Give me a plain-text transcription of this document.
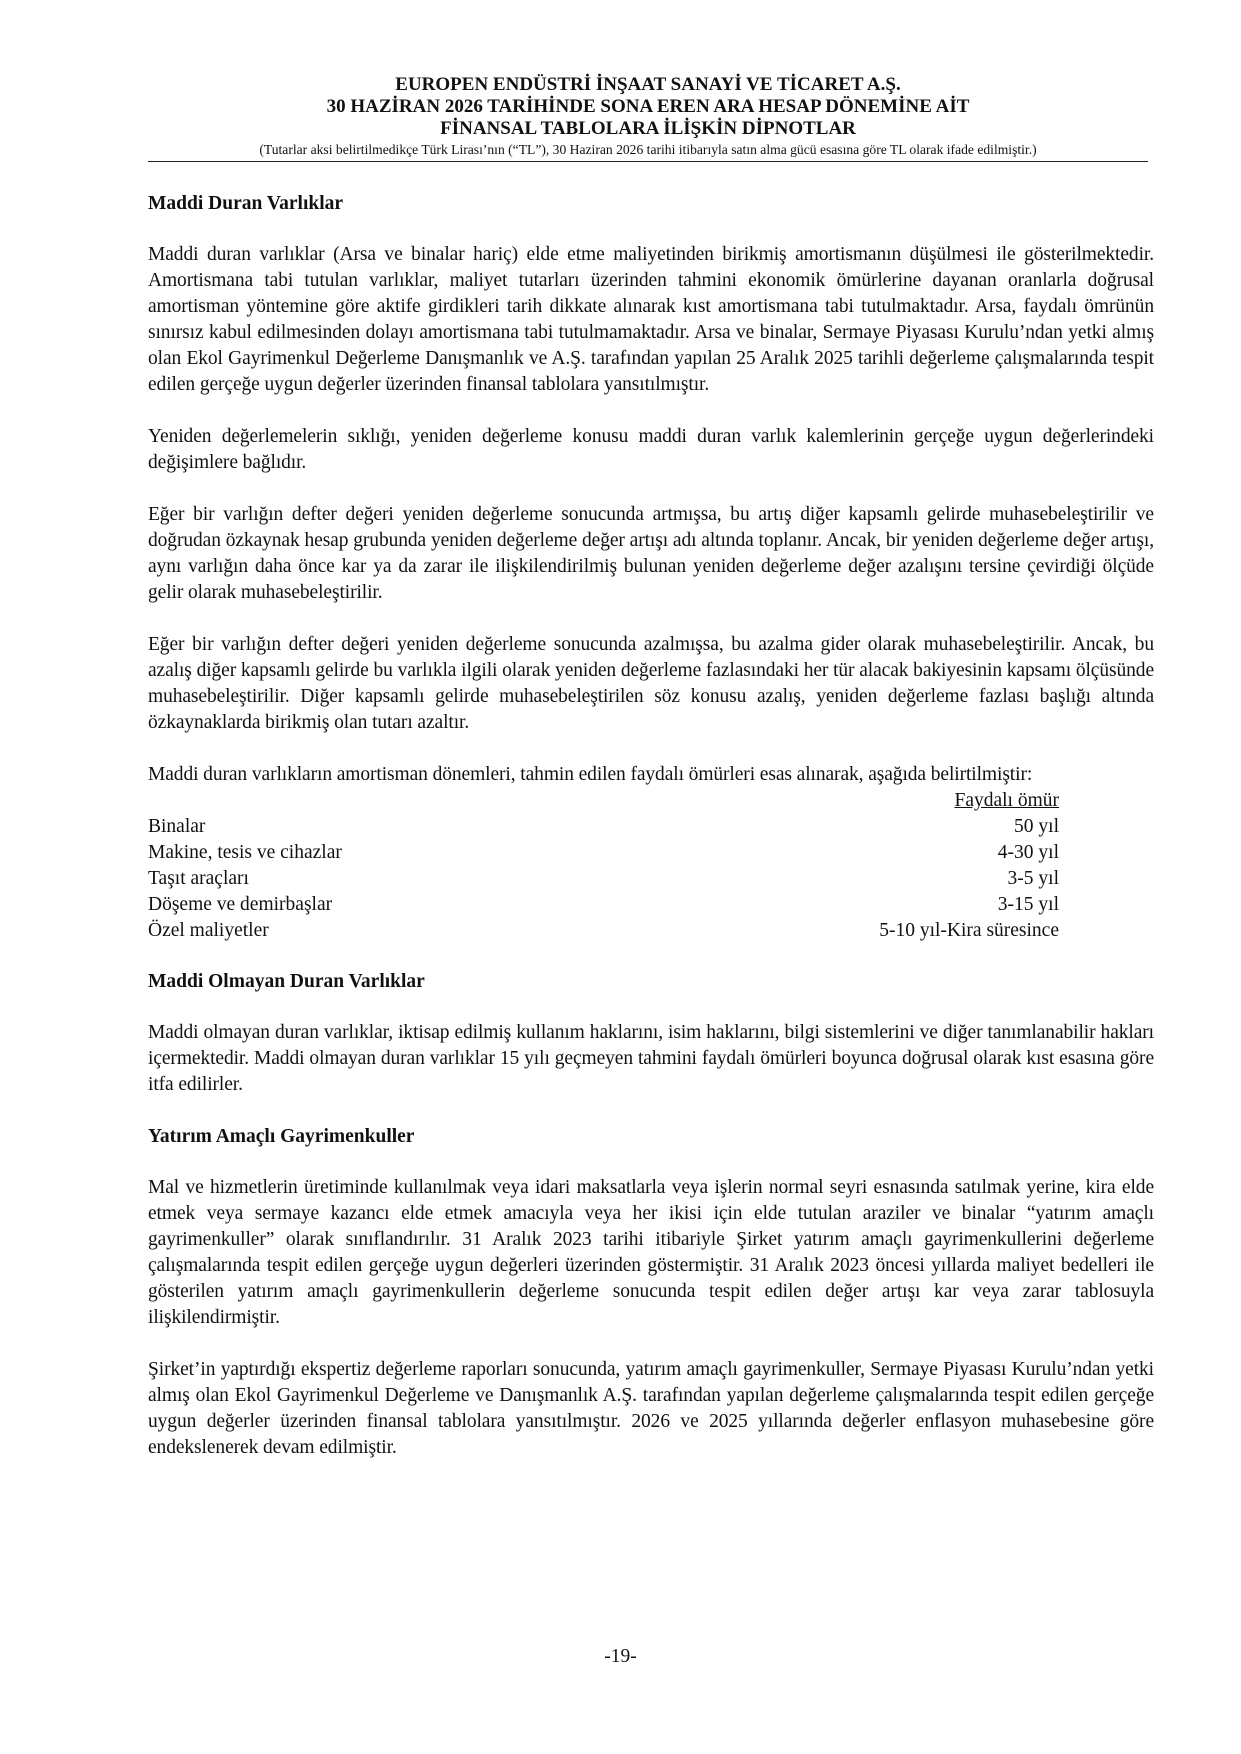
EUROPEN ENDÜSTRİ İNŞAAT SANAYİ VE TİCARET A.Ş.
30 HAZİRAN 2026 TARİHİNDE SONA EREN ARA HESAP DÖNEMİNE AİT
FİNANSAL TABLOLARA İLİŞKİN DİPNOTLAR
(Tutarlar aksi belirtilmedikçe Türk Lirası’nın (“TL”), 30 Haziran 2026 tarihi itibarıyla satın alma gücü esasına göre TL olarak ifade edilmiştir.)

Maddi Duran Varlıklar

Maddi duran varlıklar (Arsa ve binalar hariç) elde etme maliyetinden birikmiş amortismanın düşülmesi ile gösterilmektedir. Amortismana tabi tutulan varlıklar, maliyet tutarları üzerinden tahmini ekonomik ömürlerine dayanan oranlarla doğrusal amortisman yöntemine göre aktife girdikleri tarih dikkate alınarak kıst amortismana tabi tutulmaktadır. Arsa, faydalı ömrünün sınırsız kabul edilmesinden dolayı amortismana tabi tutulmamaktadır. Arsa ve binalar, Sermaye Piyasası Kurulu’ndan yetki almış olan Ekol Gayrimenkul Değerleme Danışmanlık ve A.Ş. tarafından yapılan 25 Aralık 2025 tarihli değerleme çalışmalarında tespit edilen gerçeğe uygun değerler üzerinden finansal tablolara yansıtılmıştır.

Yeniden değerlemelerin sıklığı, yeniden değerleme konusu maddi duran varlık kalemlerinin gerçeğe uygun değerlerindeki değişimlere bağlıdır.

Eğer bir varlığın defter değeri yeniden değerleme sonucunda artmışsa, bu artış diğer kapsamlı gelirde muhasebeleştirilir ve doğrudan özkaynak hesap grubunda yeniden değerleme değer artışı adı altında toplanır. Ancak, bir yeniden değerleme değer artışı, aynı varlığın daha önce kar ya da zarar ile ilişkilendirilmiş bulunan yeniden değerleme değer azalışını tersine çevirdiği ölçüde gelir olarak muhasebeleştirilir.

Eğer bir varlığın defter değeri yeniden değerleme sonucunda azalmışsa, bu azalma gider olarak muhasebeleştirilir. Ancak, bu azalış diğer kapsamlı gelirde bu varlıkla ilgili olarak yeniden değerleme fazlasındaki her tür alacak bakiyesinin kapsamı ölçüsünde muhasebeleştirilir. Diğer kapsamlı gelirde muhasebeleştirilen söz konusu azalış, yeniden değerleme fazlası başlığı altında özkaynaklarda birikmiş olan tutarı azaltır.

Maddi duran varlıkların amortisman dönemleri, tahmin edilen faydalı ömürleri esas alınarak, aşağıda belirtilmiştir:

Faydalı ömür
Binalar	50 yıl
Makine, tesis ve cihazlar	4-30 yıl
Taşıt araçları	3-5 yıl
Döşeme ve demirbaşlar	3-15 yıl
Özel maliyetler	5-10 yıl-Kira süresince

Maddi Olmayan Duran Varlıklar

Maddi olmayan duran varlıklar, iktisap edilmiş kullanım haklarını, isim haklarını, bilgi sistemlerini ve diğer tanımlanabilir hakları içermektedir. Maddi olmayan duran varlıklar 15 yılı geçmeyen tahmini faydalı ömürleri boyunca doğrusal olarak kıst esasına göre itfa edilirler.

Yatırım Amaçlı Gayrimenkuller

Mal ve hizmetlerin üretiminde kullanılmak veya idari maksatlarla veya işlerin normal seyri esnasında satılmak yerine, kira elde etmek veya sermaye kazancı elde etmek amacıyla veya her ikisi için elde tutulan araziler ve binalar “yatırım amaçlı gayrimenkuller” olarak sınıflandırılır. 31 Aralık 2023 tarihi itibariyle Şirket yatırım amaçlı gayrimenkullerini değerleme çalışmalarında tespit edilen gerçeğe uygun değerleri üzerinden göstermiştir. 31 Aralık 2023 öncesi yıllarda maliyet bedelleri ile gösterilen yatırım amaçlı gayrimenkullerin değerleme sonucunda tespit edilen değer artışı kar veya zarar tablosuyla ilişkilendirmiştir.

Şirket’in yaptırdığı ekspertiz değerleme raporları sonucunda, yatırım amaçlı gayrimenkuller, Sermaye Piyasası Kurulu’ndan yetki almış olan Ekol Gayrimenkul Değerleme ve Danışmanlık A.Ş. tarafından yapılan değerleme çalışmalarında tespit edilen gerçeğe uygun değerler üzerinden finansal tablolara yansıtılmıştır. 2026 ve 2025 yıllarında değerler enflasyon muhasebesine göre endekslenerek devam edilmiştir.

-19-
